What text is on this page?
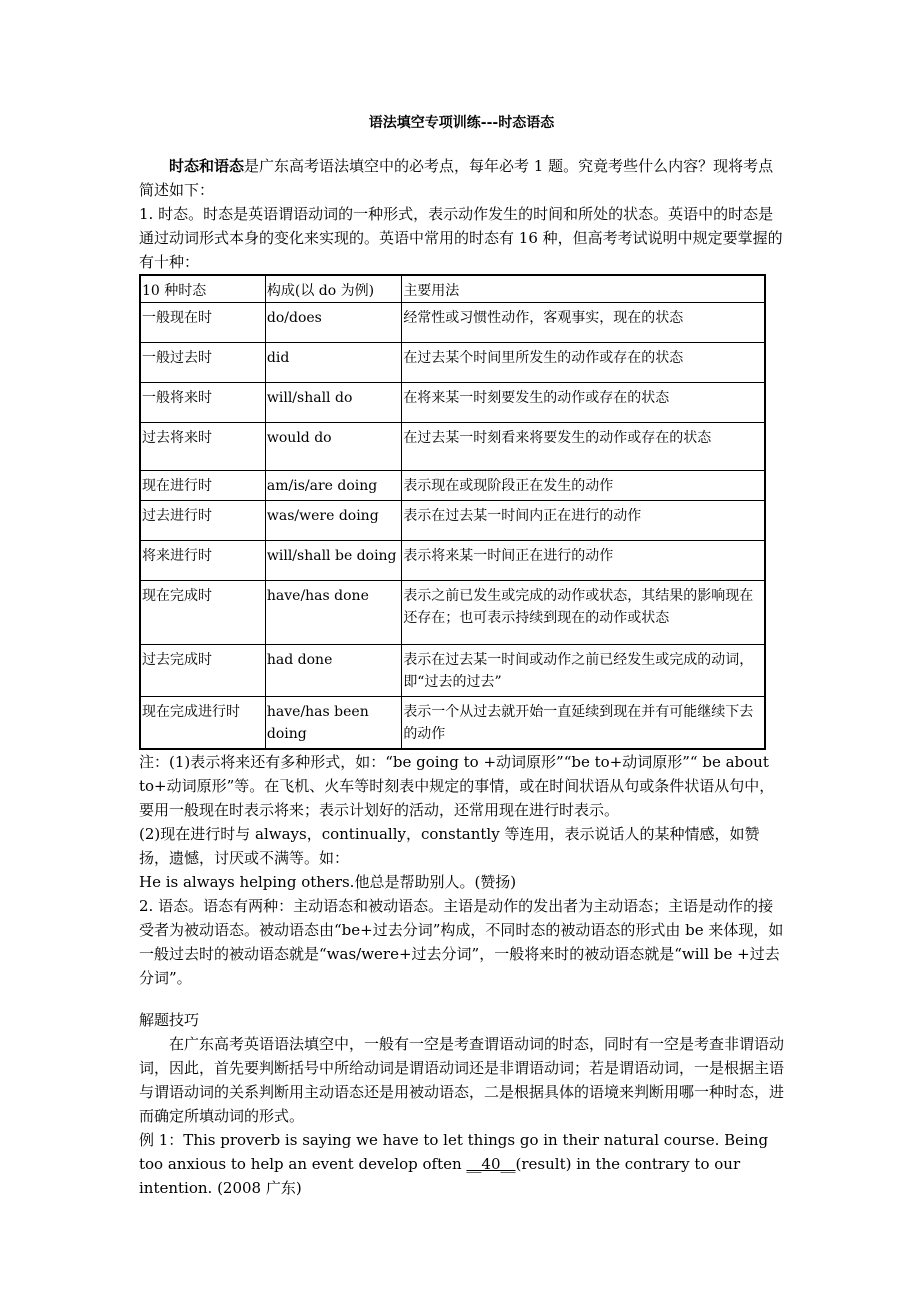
语法填空专项训练---时态语态

时态和语态是广东高考语法填空中的必考点，每年必考 1 题。究竟考些什么内容？现将考点简述如下：

1. 时态。时态是英语谓语动词的一种形式，表示动作发生的时间和所处的状态。英语中的时态是通过动词形式本身的变化来实现的。英语中常用的时态有 16 种，但高考考试说明中规定要掌握的有十种：

10 种时态	构成(以 do 为例)	主要用法
一般现在时	do/does	经常性或习惯性动作，客观事实，现在的状态
一般过去时	did	在过去某个时间里所发生的动作或存在的状态
一般将来时	will/shall do	在将来某一时刻要发生的动作或存在的状态
过去将来时	would do	在过去某一时刻看来将要发生的动作或存在的状态
现在进行时	am/is/are doing	表示现在或现阶段正在发生的动作
过去进行时	was/were doing	表示在过去某一时间内正在进行的动作
将来进行时	will/shall be doing	表示将来某一时间正在进行的动作
现在完成时	have/has done	表示之前已发生或完成的动作或状态，其结果的影响现在还存在；也可表示持续到现在的动作或状态
过去完成时	had done	表示在过去某一时间或动作之前已经发生或完成的动词，即“过去的过去”
现在完成进行时	have/has been doing	表示一个从过去就开始一直延续到现在并有可能继续下去的动作

注：(1)表示将来还有多种形式，如：“be going to +动词原形”“be to+动词原形”“ be about to+动词原形”等。在飞机、火车等时刻表中规定的事情，或在时间状语从句或条件状语从句中，要用一般现在时表示将来；表示计划好的活动，还常用现在进行时表示。

(2)现在进行时与 always，continually，constantly 等连用，表示说话人的某种情感，如赞扬，遗憾，讨厌或不满等。如：

He is always helping others.他总是帮助别人。(赞扬)

2. 语态。语态有两种：主动语态和被动语态。主语是动作的发出者为主动语态；主语是动作的接受者为被动语态。被动语态由“be+过去分词”构成，不同时态的被动语态的形式由 be 来体现，如一般过去时的被动语态就是“was/were+过去分词”，一般将来时的被动语态就是“will be +过去分词”。

解题技巧

在广东高考英语语法填空中，一般有一空是考查谓语动词的时态，同时有一空是考查非谓语动词，因此，首先要判断括号中所给动词是谓语动词还是非谓语动词；若是谓语动词，一是根据主语与谓语动词的关系判断用主动语态还是用被动语态，二是根据具体的语境来判断用哪一种时态，进而确定所填动词的形式。

例 1：This proverb is saying we have to let things go in their natural course. Being too anxious to help an event develop often __40__(result) in the contrary to our intention. (2008 广东)
